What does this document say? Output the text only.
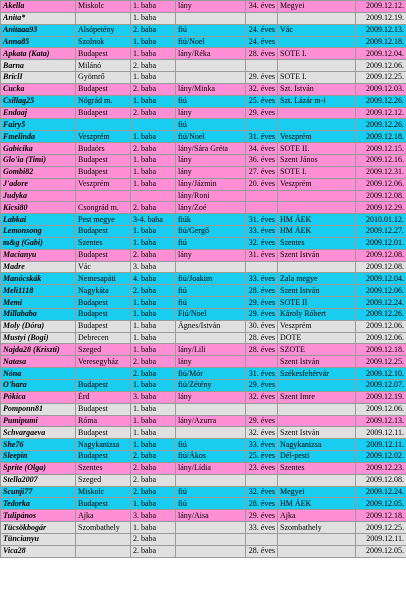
Akella	Miskolc	1. baba	lány	34. éves	Megyei	2009.12.12.
Anita*		1. baba				2009.12.19.
Anitaaa93	Alsópetény	2. baba	fiú	24. éves	Vác	2009.12.13.
Anna85	Szolnok	1. baba	fiú/Noel	24. éves		2009.12.18.
Apkata (Kata)	Budapest	1. baba	lány/Réka	28. éves	SOTE I.	2009.12.04.
Barna	Milánó	2. baba				2009.12.06.
BriclI	Gyömrő	1. baba		29. éves	SOTE I.	2009.12.25.
Cucka	Budapest	2. baba	lány/Minka	32. éves	Szt. István	2009.12.03.
Csillag25	Nógrád m.	1. baba	fiú	25. éves	Szt. Lázár m-i	2009.12.26.
Endaaj	Budapest	2. baba	lány	29. éves		2009.12.12.
Fairy5			fiú			2009.12.26.
Fmelinda	Veszprém	1. baba	fiú/Noel	31. éves	Veszprém	2009.12.18.
Gabicika	Budaörs	2. baba	lány/Sára Gréta	34. éves	SOTE II.	2009.12.15.
Glo'ia (Timi)	Budapest	1. baba	lány	36. éves	Szent János	2009.12.16.
Gombi82	Budapest	1. baba	lány	27. éves	SOTE I.	2009.12.31.
J'adore	Veszprém	1. baba	lány/Jázmin	20. éves	Veszprém	2009.12.06.
Judyka			lány/Roni			2009.12.08.
Kicsi80	Csongrád m.	2. baba	lány/Zoé			2009.12.29.
Labkai	Pest megye	3-4. baba	fiúk	31. éves	HM ÁEK	2010.01.12.
Lemonsong	Budapest	1. baba	fiú/Gergő	33. éves	HM ÁEK	2009.12.27.
m&g (Gabi)	Szentes	1. baba	fiú	32. éves	Szentes	2009.12.01.
Macianyu	Budapest	2. baba	lány	31. éves	Szent István	2009.12.08.
Madre	Vác	3. baba				2009.12.08.
Manócskák	Nemesapáti	4. baba	fiú/Joakim	33. éves	Zala megye	2009.12.04.
Meli1118	Nagykáta	2. baba	fiú	28. éves	Szent István	2009.12.06.
Memi	Budapest	1. baba	fiú	29. éves	SOTE II	2009.12.24.
Millababa	Budapest	1. baba	Fiú/Noel	29. éves	Károly Róbert	2009.12.26.
Moly (Dóra)	Budapest	1. baba	Ágnes/István	30. éves	Veszprém	2009.12.06.
Mustyi (Bogi)	Debrecen	1. baba		28. éves	DOTE	2009.12.06.
Najda28 (Kriszti)	Szeged	1. baba	lány/Lili	28. éves	SZOTE	2009.12.18.
Natasa	Veresegyház	2. baba	lány		Szent István	2009.12.25.
Nóna		2. baba	fiú/Mór	31. éves	Székesfehérvár	2009.12.10.
O'hara	Budapest	1. baba	fiú/Zétény	29. éves		2009.12.07.
Pókica	Érd	3. baba	lány	32. éves	Szent Imre	2009.12.19.
Pomponn81	Budapest	1. baba				2009.12.06.
Pumipumi	Róma	1. baba	lány/Azurra	29. éves		2009.12.13.
Schvargaeva	Budapest	1. baba		32. éves	Szent István	2009.12.11.
She76	Nagykanizsa	1. baba	fiú	33. éves	Nagykanizsa	2009.12.11.
Sleepin	Budapest	2. baba	fiú/Ákos	25. éves	Dél-pesti	2009.12.02.
Sprite (Olga)	Szentes	2. baba	lány/Lídia	23. éves	Szentes	2009.12.23.
Stella2007	Szeged	2. baba				2009.12.08.
Scunji77	Miskolc	2. baba	fiú	32. éves	Megyei	2009.12.24.
Tedorka	Budapest	1. baba	fiú	28. éves	HM ÁEK	2009.12.05.
Tulipános	Ajka	3. baba	lány/Aisa	29. éves	Ajka	2009.12.18.
Tücsökbogár	Szombathely	1. baba		33. éves	Szombathely	2009.12.25.
Tüncianyu		2. baba				2009.12.11.
Vica28		2. baba		28. éves		2009.12.05.
